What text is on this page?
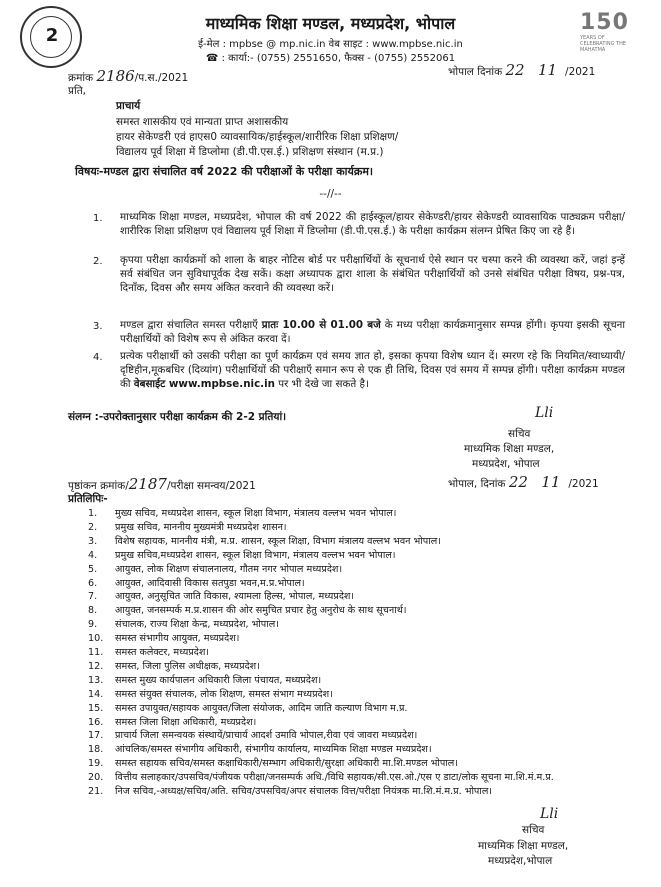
2
माध्यमिक शिक्षा मण्डल, मध्यप्रदेश, भोपाल
ई-मेल : mpbse @ mp.nic.in वेब साइट : www.mpbse.nic.in
☎ : कार्या:- (0755) 2551650, फैक्स - (0755) 2552061
150
YEARS OF CELEBRATING THE MAHATMA
क्रमांक 2186/प.स./2021	भोपाल दिनांक 22 11 /2021
प्रति,
प्राचार्य
समस्त शासकीय एवं मान्यता प्राप्त अशासकीय
हायर सेकेण्डरी एवं हाएस0 व्यावसायिक/हाईस्कूल/शारीरिक शिक्षा प्रशिक्षण/
विद्यालय पूर्व शिक्षा में डिप्लोमा (डी.पी.एस.ई.) प्रशिक्षण संस्थान (म.प्र.)
विषयः-मण्डल द्वारा संचालित वर्ष 2022 की परीक्षाओं के परीक्षा कार्यक्रम।
--//--
1. माध्यमिक शिक्षा मण्डल, मध्यप्रदेश, भोपाल की वर्ष 2022 की हाईस्कूल/हायर सेकेण्डरी/हायर सेकेण्डरी व्यावसायिक पाठ्यक्रम परीक्षा/शारीरिक शिक्षा प्रशिक्षण एवं विद्यालय पूर्व शिक्षा में डिप्लोमा (डी.पी.एस.ई.) के परीक्षा कार्यक्रम संलग्न प्रेषित किए जा रहे हैं।
2. कृपया परीक्षा कार्यक्रमों को शाला के बाहर नोटिस बोर्ड पर परीक्षार्थियों के सूचनार्थ ऐसे स्थान पर चस्पा करने की व्यवस्था करें, जहां इन्हें सर्व संबंधित जन सुविधापूर्वक देख सकें। कक्षा अध्यापक द्वारा शाला के संबंधित परीक्षार्थियों को उनसे संबंधित परीक्षा विषय, प्रश्न-पत्र, दिनाँक, दिवस और समय अंकित करवाने की व्यवस्था करें।
3. मण्डल द्वारा संचालित समस्त परीक्षाएँ प्रातः 10.00 से 01.00 बजे के मध्य परीक्षा कार्यक्रमानुसार सम्पन्न होंगी। कृपया इसकी सूचना परीक्षार्थियों को विशेष रूप से अंकित करवा दें।
4. प्रत्येक परीक्षार्थी को उसकी परीक्षा का पूर्ण कार्यक्रम एवं समय ज्ञात हो, इसका कृपया विशेष ध्यान दें। स्मरण रहे कि नियमित/स्वाध्यायी/दृष्टिहीन,मूकबधिर (दिव्यांग) परीक्षार्थियों की परीक्षाएँ समान रूप से एक ही तिथि, दिवस एवं समय में सम्पन्न होंगी। परीक्षा कार्यक्रम मण्डल की वेबसाईट www.mpbse.nic.in पर भी देखे जा सकते है।
संलग्न :-उपरोक्तानुसार परीक्षा कार्यक्रम की 2-2 प्रतियां।	Lli
सचिव
माध्यमिक शिक्षा मण्डल,
मध्यप्रदेश, भोपाल
भोपाल, दिनांक 22 11 /2021
पृष्ठांकन क्रमांक/2187/परीक्षा समन्वय/2021
प्रतिलिपिः-
1. मुख्य सचिव, मध्यप्रदेश शासन, स्कूल शिक्षा विभाग, मंत्रालय वल्लभ भवन भोपाल।
2. प्रमुख सचिव, माननीय मुख्यमंत्री मध्यप्रदेश शासन।
3. विशेष सहायक, माननीय मंत्री, म.प्र. शासन, स्कूल शिक्षा, विभाग मंत्रालय वल्लभ भवन भोपाल।
4. प्रमुख सचिव,मध्यप्रदेश शासन, स्कूल शिक्षा विभाग, मंत्रालय वल्लभ भवन भोपाल।
5. आयुक्त, लोक शिक्षण संचालनालय, गौतम नगर भोपाल मध्यप्रदेश।
6. आयुक्त, आदिवासी विकास सतपुडा भवन,म.प्र.भोपाल।
7. आयुक्त, अनुसूचित जाति विकास, श्यामला हिल्स, भोपाल, मध्यप्रदेश।
8. आयुक्त, जनसम्पर्क म.प्र.शासन की ओर समुचित प्रचार हेतु अनुरोध के साथ सूचनार्थ।
9. संचालक, राज्य शिक्षा केन्द्र, मध्यप्रदेश, भोपाल।
10. समस्त संभागीय आयुक्त, मध्यप्रदेश।
11. समस्त कलेक्टर, मध्यप्रदेश।
12. समस्त, जिला पुलिस अधीक्षक, मध्यप्रदेश।
13. समस्त मुख्य कार्यपालन अधिकारी जिला पंचायत, मध्यप्रदेश।
14. समस्त संयुक्त संचालक, लोक शिक्षण, समस्त संभाग मध्यप्रदेश।
15. समस्त उपायुक्त/सहायक आयुक्त/जिला संयोजक, आदिम जाति कल्याण विभाग म.प्र.
16. समस्त जिला शिक्षा अधिकारी, मध्यप्रदेश।
17. प्राचार्य जिला समन्वयक संस्थायें/प्राचार्य आदर्श उमावि भोपाल,रीवा एवं जावरा मध्यप्रदेश।
18. आंचलिक/समस्त संभागीय अधिकारी, संभागीय कार्यालय, माध्यमिक शिक्षा मण्डल मध्यप्रदेश।
19. समस्त सहायक सचिव/समस्त कक्षाधिकारी/सम्भाग अधिकारी/सुरक्षा अधिकारी मा.शि.मण्डल भोपाल।
20. वित्तीय सलाहकार/उपसचिव/पंजीयक परीक्षा/जनसम्पर्क अधि./विधि सहायक/सी.एस.ओ./एस ए डाटा/लोक सूचना मा.शि.मं.म.प्र.
21. निज सचिव,-अध्यक्ष/सचिव/अति. सचिव/उपसचिव/अपर संचालक वित्त/परीक्षा नियंत्रक मा.शि.मं.म.प्र. भोपाल।
Lli
सचिव
माध्यमिक शिक्षा मण्डल,
मध्यप्रदेश,भोपाल
